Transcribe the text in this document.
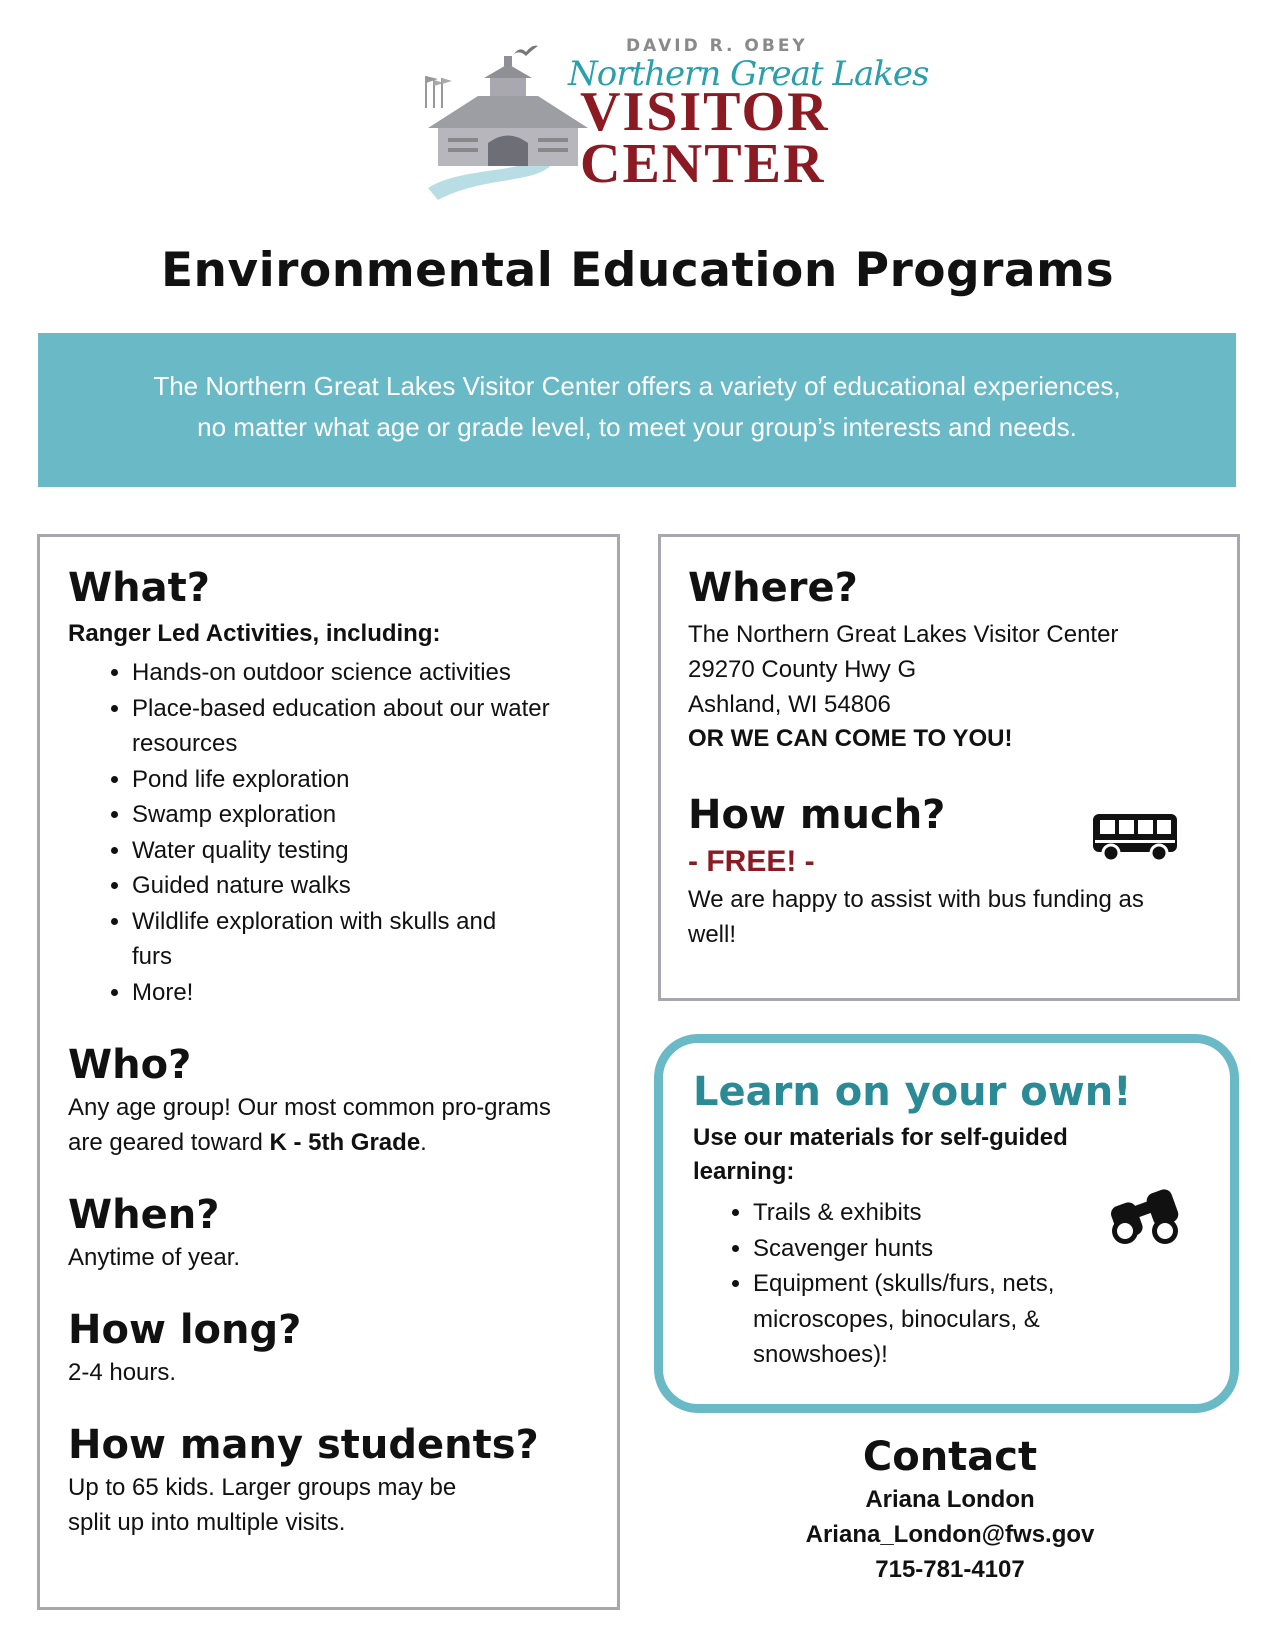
DAVID R. OBEY
Northern Great Lakes
VISITOR
CENTER
Environmental Education Programs
The Northern Great Lakes Visitor Center offers a variety of educational experiences,
no matter what age or grade level, to meet your group’s interests and needs.
What?

Ranger Led Activities, including:

• Hands-on outdoor science activities
• Place-based education about our water resources
• Pond life exploration
• Swamp exploration
• Water quality testing
• Guided nature walks
• Wildlife exploration with skulls and furs
• More!
Who?

Any age group! Our most common pro-grams are geared toward K - 5th Grade.

When?

Anytime of year.

How long?

2-4 hours.

How many students?

Up to 65 kids. Larger groups may be split up into multiple visits.

Where?

The Northern Great Lakes Visitor Center

29270 County Hwy G

Ashland, WI 54806

OR WE CAN COME TO YOU!

How much?

- FREE! -

We are happy to assist with bus funding as well!

Learn on your own!

Use our materials for self-guided learning:

• Trails & exhibits
• Scavenger hunts
• Equipment (skulls/furs, nets, microscopes, binoculars, & snowshoes)!
Contact
Ariana London
Ariana_London@fws.gov
715-781-4107
